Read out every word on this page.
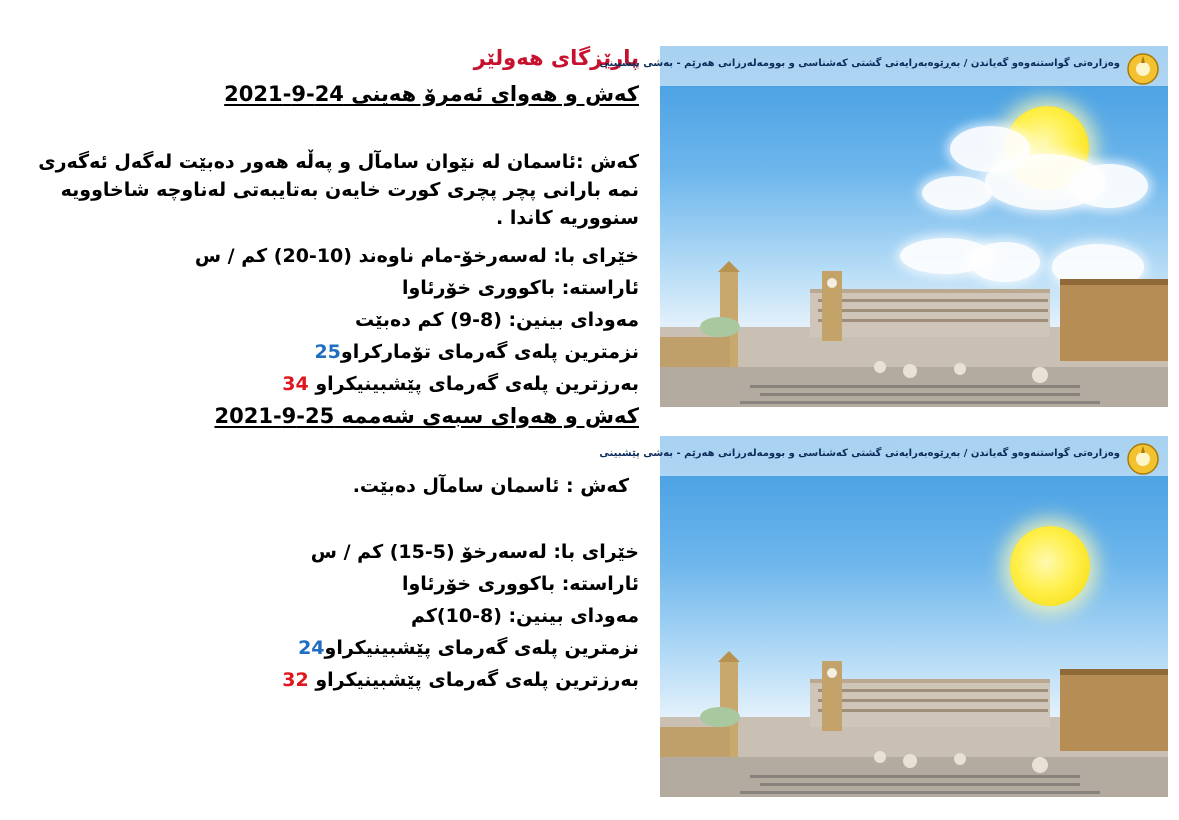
پارێزگای هەولێر
کەش و هەوای ئەمرۆ هەینی 24-9-2021
کەش :ئاسمان لە نێوان سامآل و پەڵە هەور دەبێت لەگەل ئەگەری نمە بارانی پچر پچری کورت خایەن بەتایبەتی لەناوچە شاخاوویە سنووریە کاندا .
خێرای با: لەسەرخۆ-مام ناوەند (10-20) کم / س
ئاراستە: باکووری خۆرئاوا
مەودای بینین: (8-9) کم دەبێت
نزمترین پلەی گەرمای تۆمارکراو25
بەرزترین پلەی گەرمای پێشبینیکراو 34
کەش و هەوای سبەی شەممە 25-9-2021
کەش : ئاسمان سامآل دەبێت.
خێرای با: لەسەرخۆ (5-15) کم / س
ئاراستە: باکووری خۆرئاوا
مەودای بینین: (8-10)کم
نزمترین پلەی گەرمای پێشبینیکراو24
بەرزترین پلەی گەرمای پێشبینیکراو 32
وەزارەتی گواستنەوەو گەیاندن / بەڕێوەبەرایەتی گشتی کەشناسی و بوومەلەرزانی هەرێم - بەشی پێشبینی
وەزارەتی گواستنەوەو گەیاندن / بەڕێوەبەرایەتی گشتی کەشناسی و بوومەلەرزانی هەرێم - بەشی پێشبینی
